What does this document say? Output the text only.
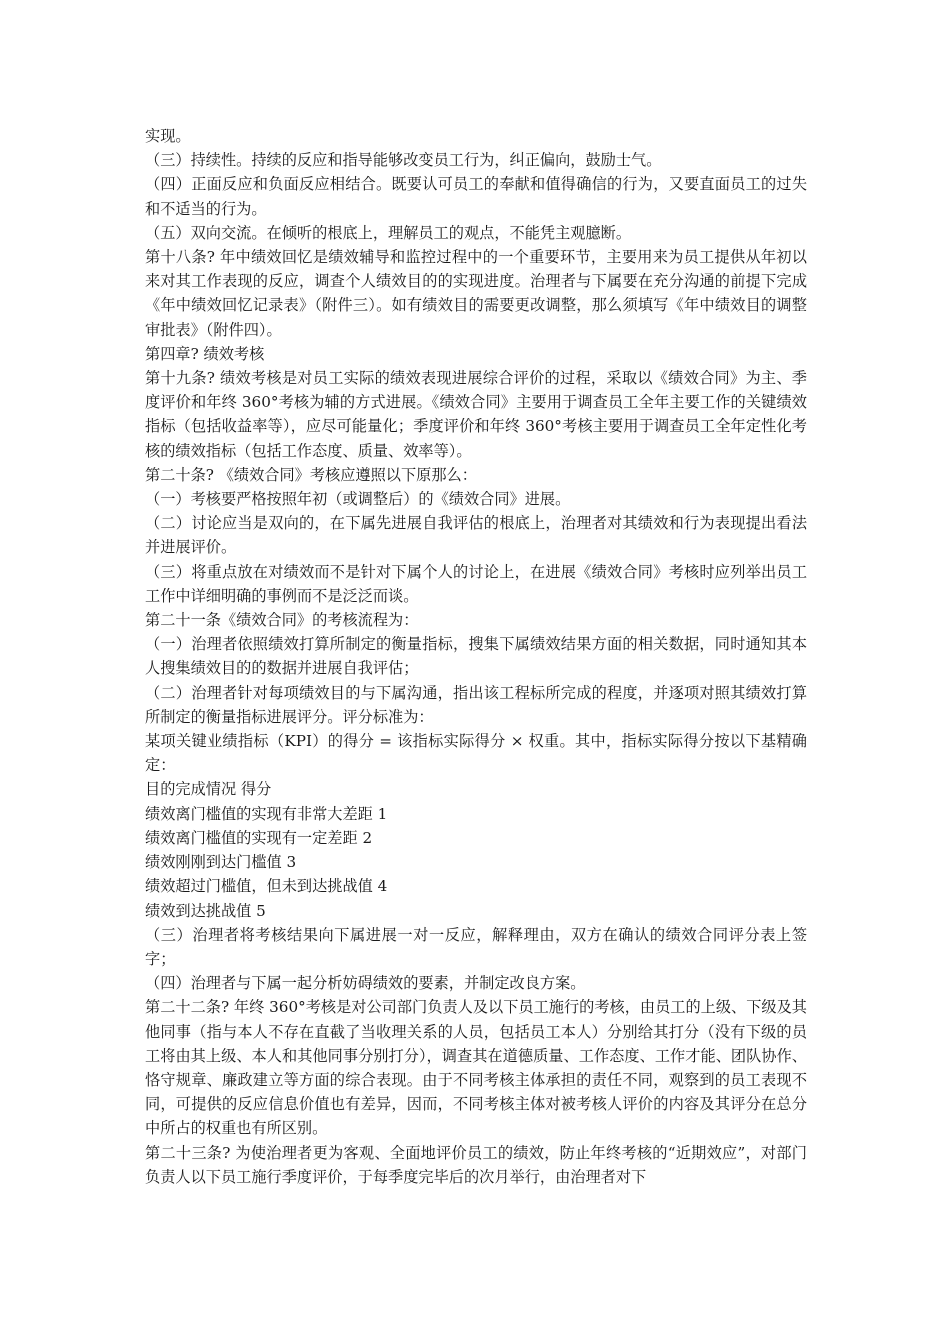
实现。

（三）持续性。持续的反应和指导能够改变员工行为，纠正偏向，鼓励士气。

（四）正面反应和负面反应相结合。既要认可员工的奉献和值得确信的行为，又要直面员工的过失和不适当的行为。

（五）双向交流。在倾听的根底上，理解员工的观点，不能凭主观臆断。

第十八条? 年中绩效回忆是绩效辅导和监控过程中的一个重要环节，主要用来为员工提供从年初以来对其工作表现的反应，调查个人绩效目的的实现进度。治理者与下属要在充分沟通的前提下完成《年中绩效回忆记录表》（附件三）。如有绩效目的需要更改调整，那么须填写《年中绩效目的调整审批表》（附件四）。

第四章? 绩效考核

第十九条? 绩效考核是对员工实际的绩效表现进展综合评价的过程，采取以《绩效合同》为主、季度评价和年终 360°考核为辅的方式进展。《绩效合同》主要用于调查员工全年主要工作的关键绩效指标（包括收益率等），应尽可能量化；季度评价和年终 360°考核主要用于调查员工全年定性化考核的绩效指标（包括工作态度、质量、效率等）。

第二十条? 《绩效合同》考核应遵照以下原那么：

（一）考核要严格按照年初（或调整后）的《绩效合同》进展。

（二）讨论应当是双向的，在下属先进展自我评估的根底上，治理者对其绩效和行为表现提出看法并进展评价。

（三）将重点放在对绩效而不是针对下属个人的讨论上，在进展《绩效合同》考核时应列举出员工工作中详细明确的事例而不是泛泛而谈。

第二十一条《绩效合同》的考核流程为：

（一）治理者依照绩效打算所制定的衡量指标，搜集下属绩效结果方面的相关数据，同时通知其本人搜集绩效目的的数据并进展自我评估；

（二）治理者针对每项绩效目的与下属沟通，指出该工程标所完成的程度，并逐项对照其绩效打算所制定的衡量指标进展评分。评分标准为：

某项关键业绩指标（KPI）的得分 = 该指标实际得分 × 权重。其中，指标实际得分按以下基精确定：

目的完成情况 得分

绩效离门槛值的实现有非常大差距 1

绩效离门槛值的实现有一定差距 2

绩效刚刚到达门槛值 3

绩效超过门槛值，但未到达挑战值 4

绩效到达挑战值 5

（三）治理者将考核结果向下属进展一对一反应，解释理由，双方在确认的绩效合同评分表上签字；

（四）治理者与下属一起分析妨碍绩效的要素，并制定改良方案。

第二十二条? 年终 360°考核是对公司部门负责人及以下员工施行的考核，由员工的上级、下级及其他同事（指与本人不存在直截了当收理关系的人员，包括员工本人）分别给其打分（没有下级的员工将由其上级、本人和其他同事分别打分），调查其在道德质量、工作态度、工作才能、团队协作、恪守规章、廉政建立等方面的综合表现。由于不同考核主体承担的责任不同，观察到的员工表现不同，可提供的反应信息价值也有差异，因而，不同考核主体对被考核人评价的内容及其评分在总分中所占的权重也有所区别。

第二十三条? 为使治理者更为客观、全面地评价员工的绩效，防止年终考核的“近期效应”，对部门负责人以下员工施行季度评价，于每季度完毕后的次月举行，由治理者对下
